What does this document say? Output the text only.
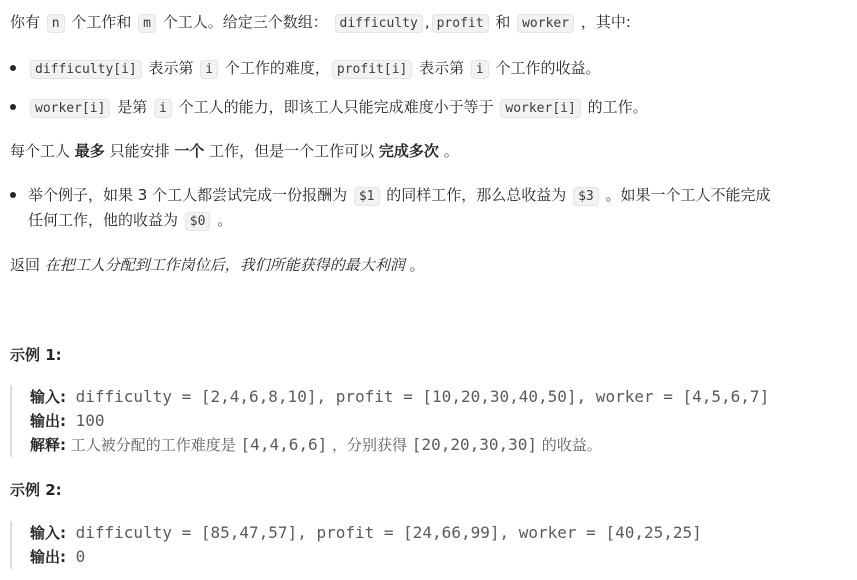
你有 n 个工作和 m 个工人。给定三个数组： difficulty , profit 和 worker ，其中:
difficulty[i] 表示第 i 个工作的难度， profit[i] 表示第 i 个工作的收益。
worker[i] 是第 i 个工人的能力，即该工人只能完成难度小于等于 worker[i] 的工作。
每个工人 最多 只能安排 一个 工作，但是一个工作可以 完成多次 。
举个例子，如果 3 个工人都尝试完成一份报酬为 $1 的同样工作，那么总收益为 $3 。如果一个工人不能完成
任何工作，他的收益为 $0 。
返回 在把工人分配到工作岗位后，我们所能获得的最大利润 。
示例 1:
输入: difficulty = [2,4,6,8,10], profit = [10,20,30,40,50], worker = [4,5,6,7]
输出: 100
解释: 工人被分配的工作难度是 [4,4,6,6] ，分别获得 [20,20,30,30] 的收益。
示例 2:
输入: difficulty = [85,47,57], profit = [24,66,99], worker = [40,25,25]
输出: 0
